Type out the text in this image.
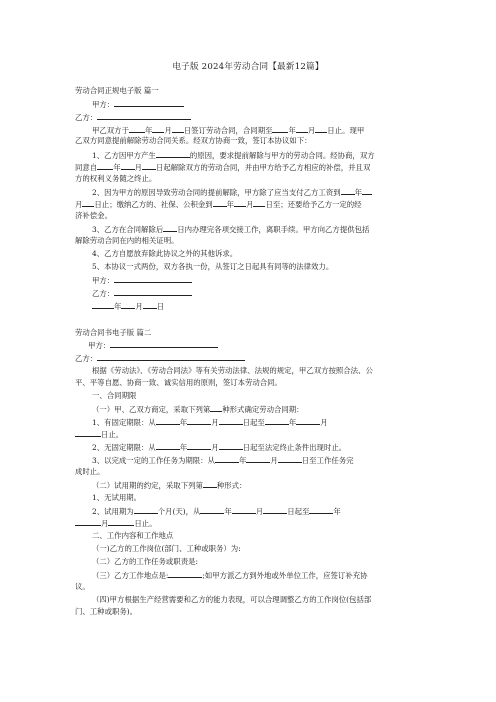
电子版 2024年劳动合同【最新12篇】
劳动合同正规电子版 篇一
甲方：
乙方：
甲乙双方于 年 月 日签订劳动合同，合同期至 年 月 日止。现甲
乙双方同意提前解除劳动合同关系。经双方协商一致，签订本协议如下：
1、乙方因甲方产生	的原因，要求提前解除与甲方的劳动合同。经协商，双方
同意自 年 月 日起解除双方的劳动合同，并由甲方给予乙方相应的补偿，并且双
方的权利义务随之终止。
2、因为甲方的原因导致劳动合同的提前解除，甲方除了应当支付乙方工资到 年
月 日止；缴纳乙方的、社保、公积金到 年 月 日至；还要给予乙方一定的经
济补偿金。
3、乙方在合同解除后 日内办理完各项交接工作，离职手续。甲方向乙方提供包括
解除劳动合同在内的相关证明。
4、乙方自愿放弃除此协议之外的其他诉求。
5、本协议一式两份，双方各执一份，从签订之日起具有同等的法律效力。
甲方：
乙方：
年 月 日
劳动合同书电子版 篇二
甲方：
乙方：
根据《劳动法》、《劳动合同法》等有关劳动法律、法规的规定，甲乙双方按照合法、公
平、平等自愿、协商一致、诚实信用的原则，签订本劳动合同。
一、合同期限
（一）甲、乙双方商定，采取下列第 种形式确定劳动合同期：
1、有固定期限：从	年	月	日起至	年	月
日止。
2、无固定期限：从	年	月	日起至法定终止条件出现时止。
3、以完成一定的工作任务为期限：从	年	月	日至工作任务完
成时止。
（二）试用期的约定，采取下列第 种形式：
1、无试用期。
2、试用期为	个月(天)，从	年	月	日起至	年
月	日止。
二、工作内容和工作地点
（一)乙方的工作岗位(部门、工种或职务）为:
（二）乙方的工作任务或职责是:
（三）乙方工作地点是:	;如甲方派乙方到外地或外单位工作，应签订补充协
议。
（四)甲方根据生产经营需要和乙方的能力表现，可以合理调整乙方的工作岗位(包括部
门、工种或职务)。
